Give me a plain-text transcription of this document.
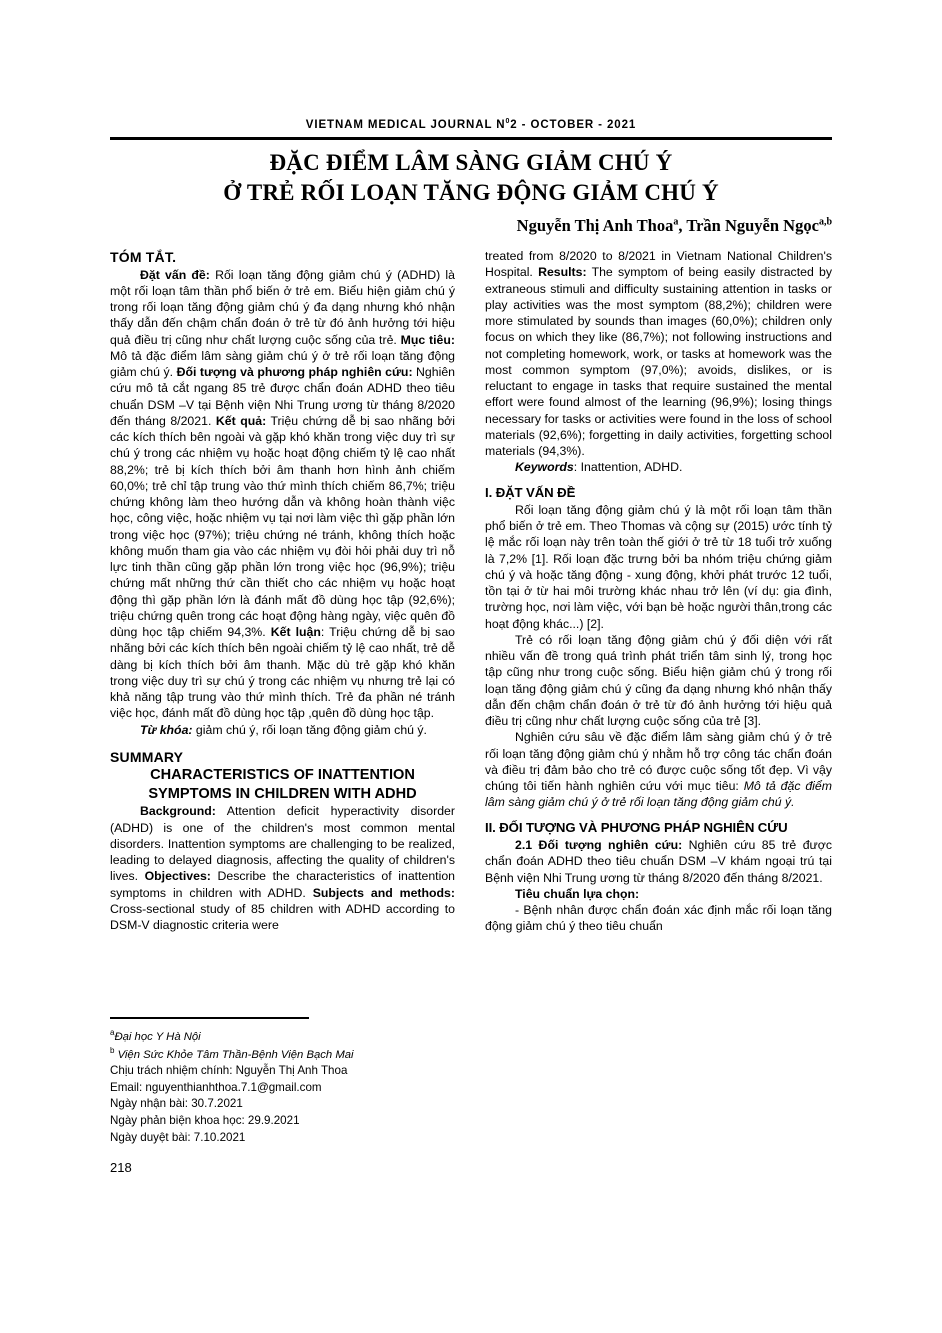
VIETNAM MEDICAL JOURNAL $N^02$ - OCTOBER - 2021
ĐẶC ĐIỂM LÂM SÀNG GIẢM CHÚ Ý
Ở TRẺ RỐI LOẠN TĂNG ĐỘNG GIẢM CHÚ Ý
Nguyễn Thị Anh Thoa$^a$, Trần Nguyễn Ngọc$^{a,b}$

TÓM TẮT.

Đặt vấn đề: Rối loạn tăng động giảm chú ý (ADHD) là một rối loạn tâm thần phổ biến ở trẻ em. Biểu hiện giảm chú ý trong rối loạn tăng động giảm chú ý đa dạng nhưng khó nhận thấy dẫn đến chậm chẩn đoán ở trẻ từ đó ảnh hưởng tới hiệu quả điều trị cũng như chất lượng cuộc sống của trẻ. Mục tiêu: Mô tả đặc điểm lâm sàng giảm chú ý ở trẻ rối loạn tăng động giảm chú ý. Đối tượng và phương pháp nghiên cứu: Nghiên cứu mô tả cắt ngang 85 trẻ được chẩn đoán ADHD theo tiêu chuẩn DSM –V tại Bệnh viện Nhi Trung ương từ tháng 8/2020 đến tháng 8/2021. Kết quả: Triệu chứng dễ bị sao nhãng bởi các kích thích bên ngoài và gặp khó khăn trong việc duy trì sự chú ý trong các nhiệm vụ hoặc hoạt động chiếm tỷ lệ cao nhất 88,2%; trẻ bị kích thích bởi âm thanh hơn hình ảnh chiếm 60,0%; trẻ chỉ tập trung vào thứ mình thích chiếm 86,7%; triệu chứng không làm theo hướng dẫn và không hoàn thành việc học, công việc, hoặc nhiệm vụ tại nơi làm việc thì gặp phần lớn trong việc học (97%); triệu chứng né tránh, không thích hoặc không muốn tham gia vào các nhiệm vụ đòi hỏi phải duy trì nỗ lực tinh thần cũng gặp phần lớn trong việc học (96,9%); triệu chứng mất những thứ cần thiết cho các nhiệm vụ hoặc hoạt động thì gặp phần lớn là đánh mất đồ dùng học tập (92,6%); triệu chứng quên trong các hoạt động hàng ngày, việc quên đồ dùng học tập chiếm 94,3%. Kết luận: Triệu chứng dễ bị sao nhãng bởi các kích thích bên ngoài chiếm tỷ lệ cao nhất, trẻ dễ dàng bị kích thích bởi âm thanh. Mặc dù trẻ gặp khó khăn trong việc duy trì sự chú ý trong các nhiệm vụ nhưng trẻ lại có khả năng tập trung vào thứ mình thích. Trẻ đa phần né tránh việc học, đánh mất đồ dùng học tập ,quên đồ dùng học tập.

Từ khóa: giảm chú ý, rối loạn tăng động giảm chú ý.

SUMMARY

CHARACTERISTICS OF INATTENTION

SYMPTOMS IN CHILDREN WITH ADHD

Background: Attention deficit hyperactivity disorder (ADHD) is one of the children's most common mental disorders. Inattention symptoms are challenging to be realized, leading to delayed diagnosis, affecting the quality of children's lives. Objectives: Describe the characteristics of inattention symptoms in children with ADHD. Subjects and methods: Cross-sectional study of 85 children with ADHD according to DSM-V diagnostic criteria were

treated from 8/2020 to 8/2021 in Vietnam National Children's Hospital. Results: The symptom of being easily distracted by extraneous stimuli and difficulty sustaining attention in tasks or play activities was the most symptom (88,2%); children were more stimulated by sounds than images (60,0%); children only focus on which they like (86,7%); not following instructions and not completing homework, work, or tasks at homework was the most common symptom (97,0%); avoids, dislikes, or is reluctant to engage in tasks that require sustained the mental effort were found almost of the learning (96,9%); losing things necessary for tasks or activities were found in the loss of school materials (92,6%); forgetting in daily activities, forgetting school materials (94,3%).

Keywords: Inattention, ADHD.

I. ĐẶT VẤN ĐỀ

Rối loạn tăng động giảm chú ý là một rối loạn tâm thần phổ biến ở trẻ em. Theo Thomas và cộng sự (2015) ước tính tỷ lệ mắc rối loạn này trên toàn thế giới ở trẻ từ 18 tuổi trở xuống là 7,2% [1]. Rối loạn đặc trưng bởi ba nhóm triệu chứng giảm chú ý và hoặc tăng động - xung động, khởi phát trước 12 tuổi, tồn tại ở từ hai môi trường khác nhau trở lên (ví dụ: gia đình, trường học, nơi làm việc, với bạn bè hoặc người thân,trong các hoạt động khác...) [2].

Trẻ có rối loạn tăng động giảm chú ý đối diện với rất nhiều vấn đề trong quá trình phát triển tâm sinh lý, trong học tập cũng như trong cuộc sống. Biểu hiện giảm chú ý trong rối loạn tăng động giảm chú ý cũng đa dạng nhưng khó nhận thấy dẫn đến chậm chẩn đoán ở trẻ từ đó ảnh hưởng tới hiệu quả điều trị cũng như chất lượng cuộc sống của trẻ [3].

Nghiên cứu sâu về đặc điểm lâm sàng giảm chú ý ở trẻ rối loạn tăng động giảm chú ý nhằm hỗ trợ công tác chẩn đoán và điều trị đảm bảo cho trẻ có được cuộc sống tốt đẹp. Vì vậy chúng tôi tiến hành nghiên cứu với mục tiêu: Mô tả đặc điểm lâm sàng giảm chú ý ở trẻ rối loạn tăng động giảm chú ý.

II. ĐỐI TƯỢNG VÀ PHƯƠNG PHÁP NGHIÊN CỨU

2.1 Đối tượng nghiên cứu: Nghiên cứu 85 trẻ được chẩn đoán ADHD theo tiêu chuẩn DSM –V khám ngoại trú tại Bệnh viện Nhi Trung ương từ tháng 8/2020 đến tháng 8/2021.

Tiêu chuẩn lựa chọn:

- Bệnh nhân được chẩn đoán xác định mắc rối loạn tăng động giảm chú ý theo tiêu chuẩn

$^a$Đại học Y Hà Nội
$^b$ Viện Sức Khỏe Tâm Thần-Bệnh Viện Bạch Mai
Chịu trách nhiệm chính: Nguyễn Thị Anh Thoa
Email: nguyenthianhthoa.7.1@gmail.com
Ngày nhận bài: 30.7.2021
Ngày phản biện khoa học: 29.9.2021
Ngày duyệt bài: 7.10.2021
218
